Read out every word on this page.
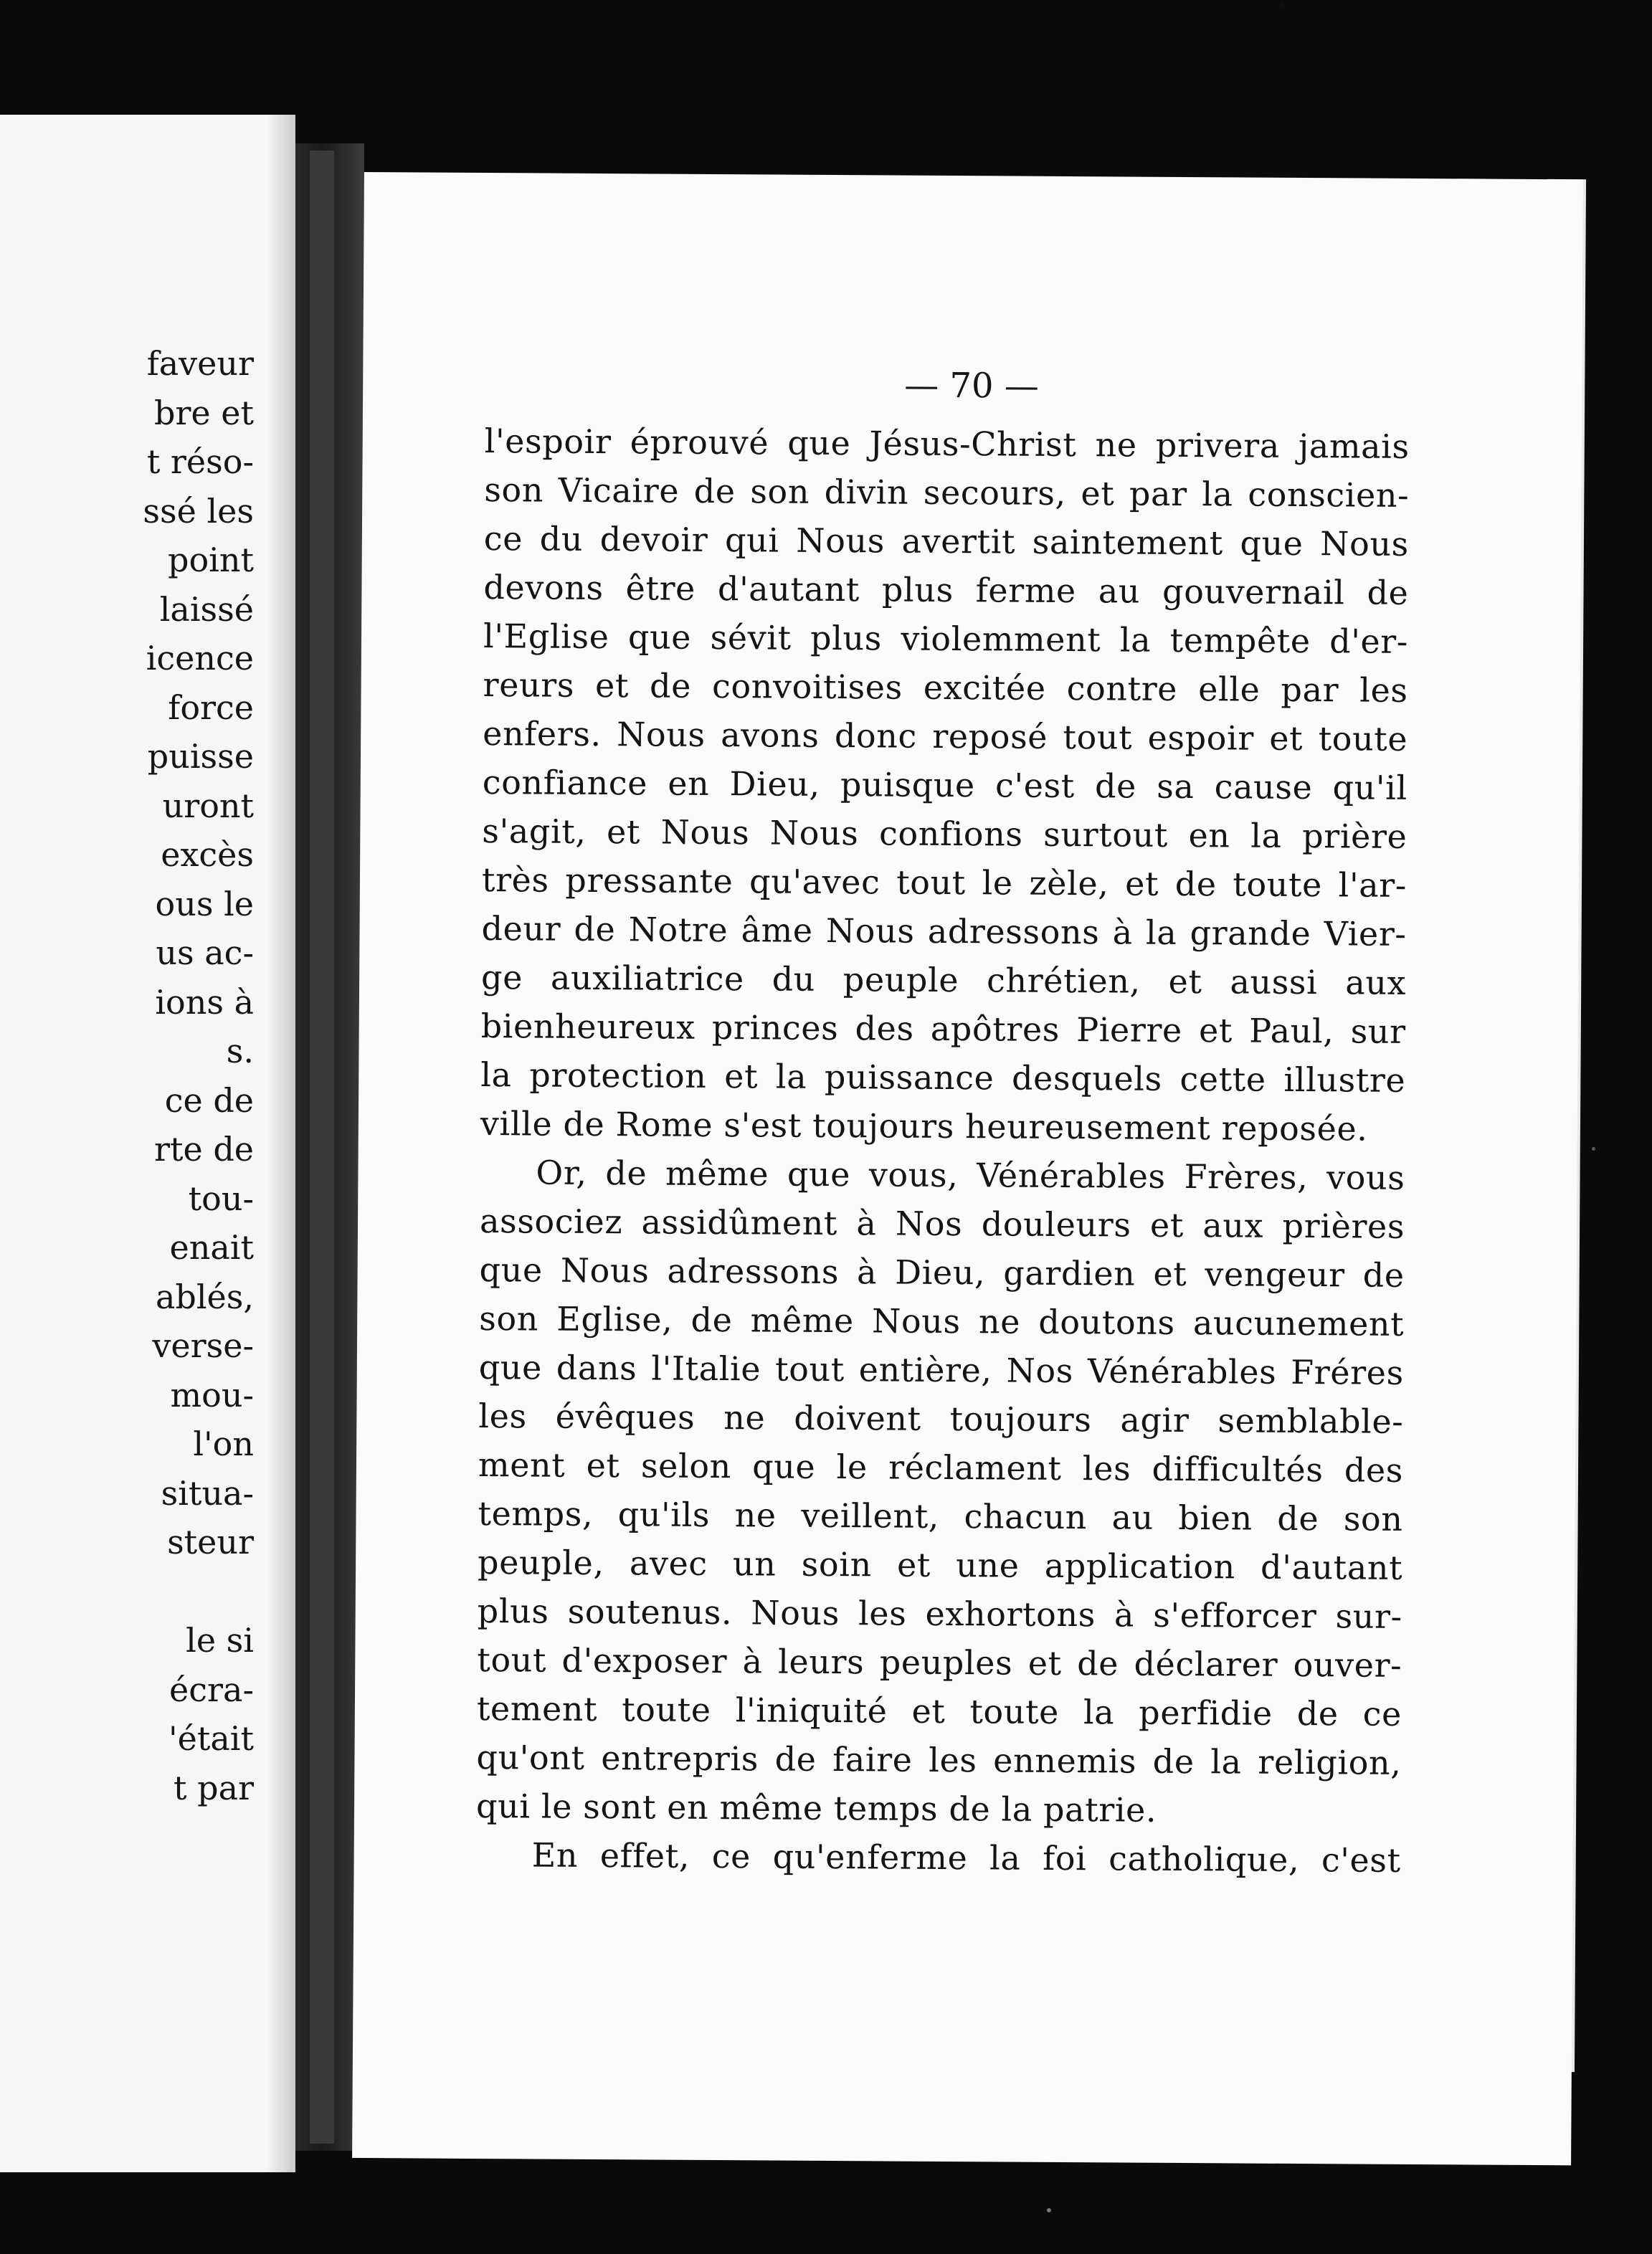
faveur
bre et
t réso-
ssé les
point
laissé
icence
force
puisse
uront
excès
ous le
us ac-
ions à
s.
ce de
rte de
tou-
enait
ablés,
verse-
mou-
l'on
situa-
steur
le si
écra-
'était
t par
— 70 —
l'espoir éprouvé que Jésus-Christ ne privera jamais
son Vicaire de son divin secours, et par la conscien-
ce du devoir qui Nous avertit saintement que Nous
devons être d'autant plus ferme au gouvernail de
l'Eglise que sévit plus violemment la tempête d'er-
reurs et de convoitises excitée contre elle par les
enfers. Nous avons donc reposé tout espoir et toute
confiance en Dieu, puisque c'est de sa cause qu'il
s'agit, et Nous Nous confions surtout en la prière
très pressante qu'avec tout le zèle, et de toute l'ar-
deur de Notre âme Nous adressons à la grande Vier-
ge auxiliatrice du peuple chrétien, et aussi aux
bienheureux princes des apôtres Pierre et Paul, sur
la protection et la puissance desquels cette illustre
ville de Rome s'est toujours heureusement reposée.
Or, de même que vous, Vénérables Frères, vous
associez assidûment à Nos douleurs et aux prières
que Nous adressons à Dieu, gardien et vengeur de
son Eglise, de même Nous ne doutons aucunement
que dans l'Italie tout entière, Nos Vénérables Fréres
les évêques ne doivent toujours agir semblable-
ment et selon que le réclament les difficultés des
temps, qu'ils ne veillent, chacun au bien de son
peuple, avec un soin et une application d'autant
plus soutenus. Nous les exhortons à s'efforcer sur-
tout d'exposer à leurs peuples et de déclarer ouver-
tement toute l'iniquité et toute la perfidie de ce
qu'ont entrepris de faire les ennemis de la religion,
qui le sont en même temps de la patrie.
En effet, ce qu'enferme la foi catholique, c'est
